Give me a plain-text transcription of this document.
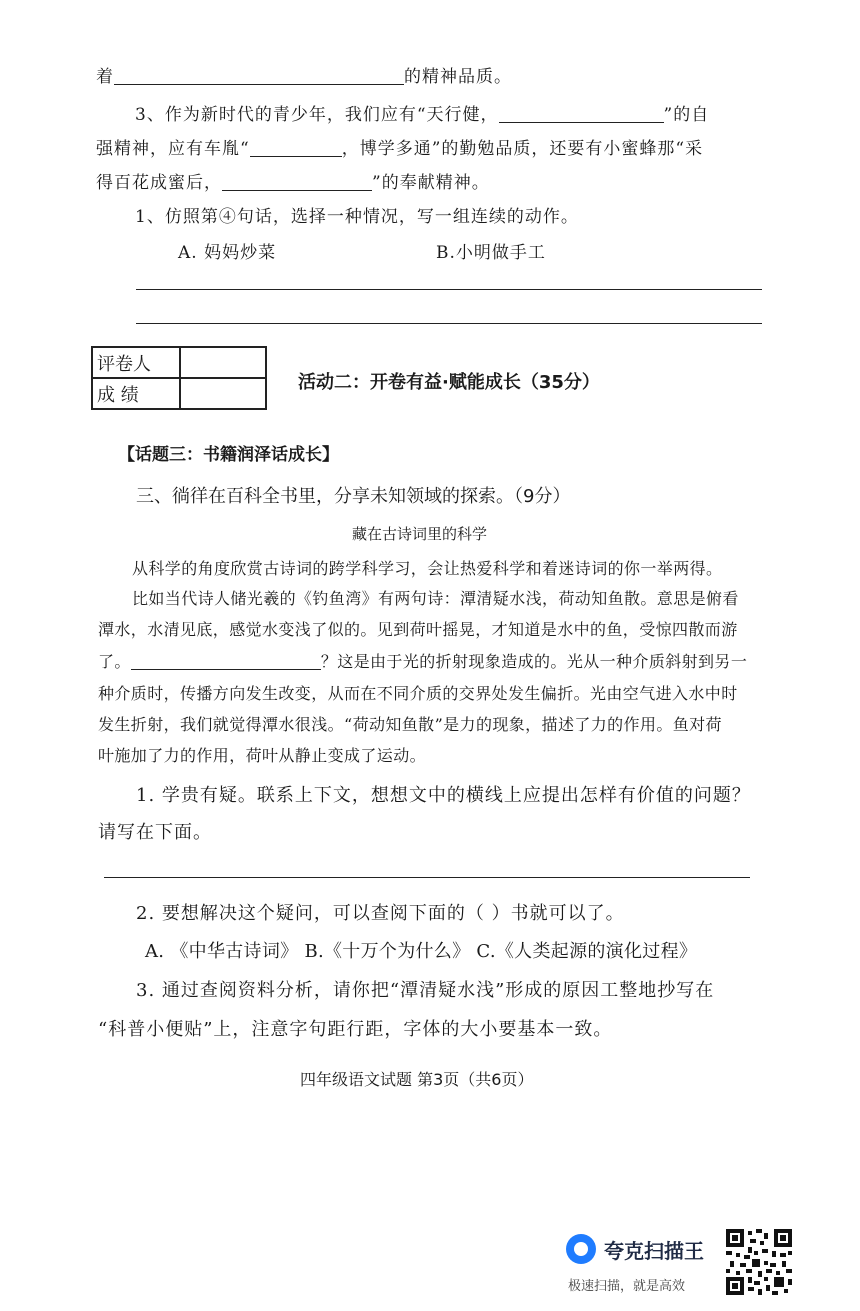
着	的精神品质。
3、作为新时代的青少年，我们应有“天行健，	”的自
强精神，应有车胤“	，博学多通”的勤勉品质，还要有小蜜蜂那“采
得百花成蜜后，	”的奉献精神。
1、仿照第④句话，选择一种情况，写一组连续的动作。
A. 妈妈炒菜	B.小明做手工
评卷人	
成 绩	
活动二：开卷有益·赋能成长（35分）
【话题三：书籍润泽话成长】
三、徜徉在百科全书里，分享未知领域的探索。（9分）
藏在古诗词里的科学
从科学的角度欣赏古诗词的跨学科学习，会让热爱科学和着迷诗词的你一举两得。
比如当代诗人储光羲的《钓鱼湾》有两句诗：潭清疑水浅，荷动知鱼散。意思是俯看
潭水，水清见底，感觉水变浅了似的。见到荷叶摇晃，才知道是水中的鱼，受惊四散而游
了。	？这是由于光的折射现象造成的。光从一种介质斜射到另一
种介质时，传播方向发生改变，从而在不同介质的交界处发生偏折。光由空气进入水中时
发生折射，我们就觉得潭水很浅。“荷动知鱼散”是力的现象，描述了力的作用。鱼对荷
叶施加了力的作用，荷叶从静止变成了运动。
1. 学贵有疑。联系上下文，想想文中的横线上应提出怎样有价值的问题？
请写在下面。
2. 要想解决这个疑问，可以查阅下面的（ ）书就可以了。
A. 《中华古诗词》 B.《十万个为什么》 C.《人类起源的演化过程》
3. 通过查阅资料分析，请你把“潭清疑水浅”形成的原因工整地抄写在
“科普小便贴”上，注意字句距行距，字体的大小要基本一致。
四年级语文试题 第3页（共6页）
夸克扫描王
极速扫描，就是高效
